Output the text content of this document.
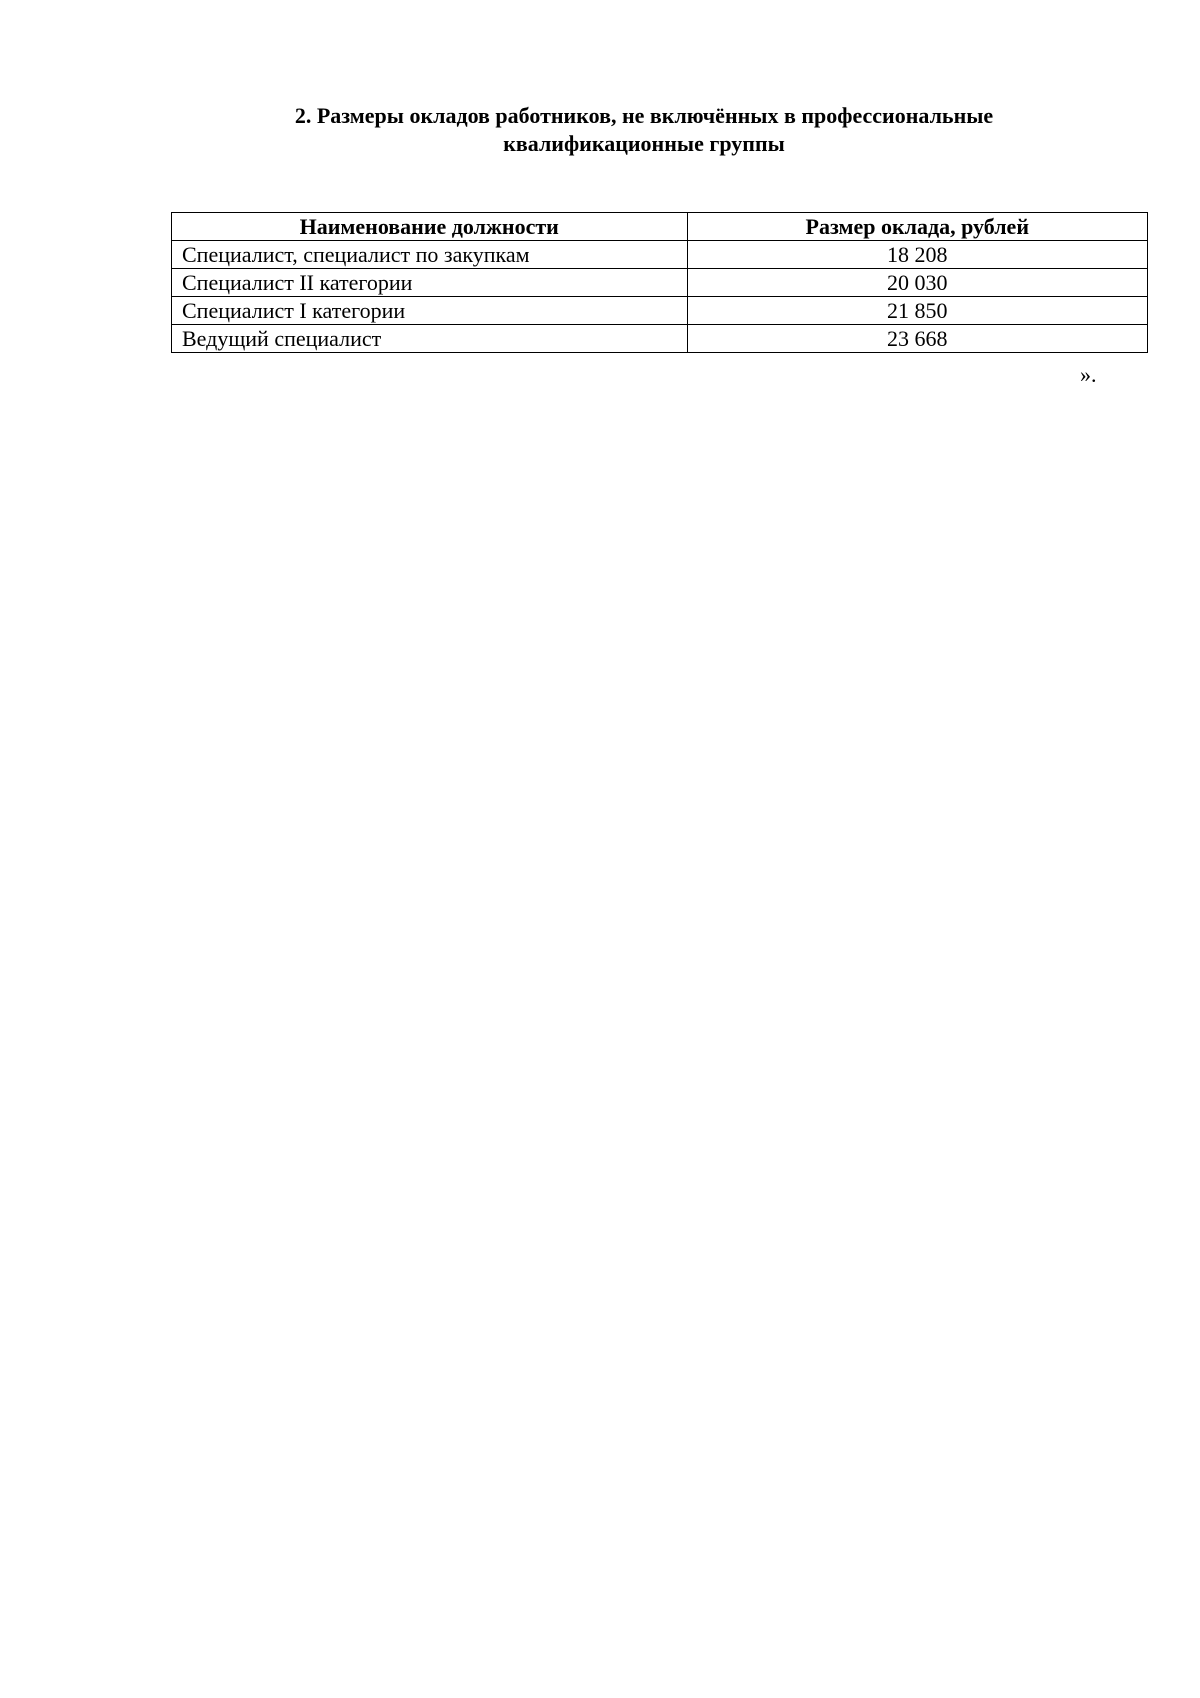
2. Размеры окладов работников, не включённых в профессиональные
квалификационные группы
Наименование должности	Размер оклада, рублей
Специалист, специалист по закупкам	18 208
Специалист II категории	20 030
Специалист I категории	21 850
Ведущий специалист	23 668
».
